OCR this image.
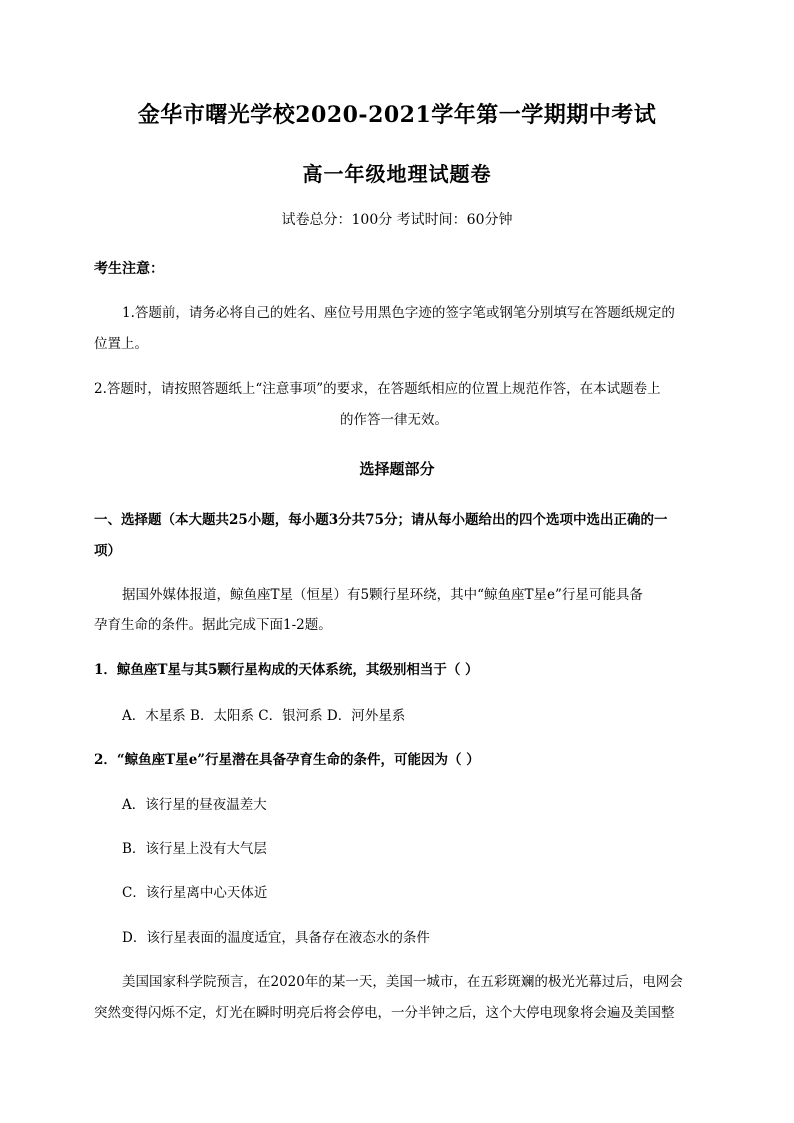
金华市曙光学校2020-2021学年第一学期期中考试
高一年级地理试题卷
试卷总分：100分 考试时间：60分钟
考生注意：
1.答题前，请务必将自己的姓名、座位号用黑色字迹的签字笔或钢笔分别填写在答题纸规定的
位置上。
2.答题时，请按照答题纸上“注意事项”的要求，在答题纸相应的位置上规范作答，在本试题卷上
的作答一律无效。
选择题部分
一、选择题（本大题共25小题，每小题3分共75分；请从每小题给出的四个选项中选出正确的一
项）
据国外媒体报道，鲸鱼座T星（恒星）有5颗行星环绕，其中“鲸鱼座T星e”行星可能具备
孕育生命的条件。据此完成下面1-2题。
1．鲸鱼座T星与其5颗行星构成的天体系统，其级别相当于（ ）
A．木星系 B．太阳系 C．银河系 D．河外星系
2．“鲸鱼座T星e”行星潜在具备孕育生命的条件，可能因为（ ）
A．该行星的昼夜温差大
B．该行星上没有大气层
C．该行星离中心天体近
D．该行星表面的温度适宜，具备存在液态水的条件
美国国家科学院预言，在2020年的某一天，美国一城市，在五彩斑斓的极光光幕过后，电网会
突然变得闪烁不定，灯光在瞬时明亮后将会停电，一分半钟之后，这个大停电现象将会遍及美国整
